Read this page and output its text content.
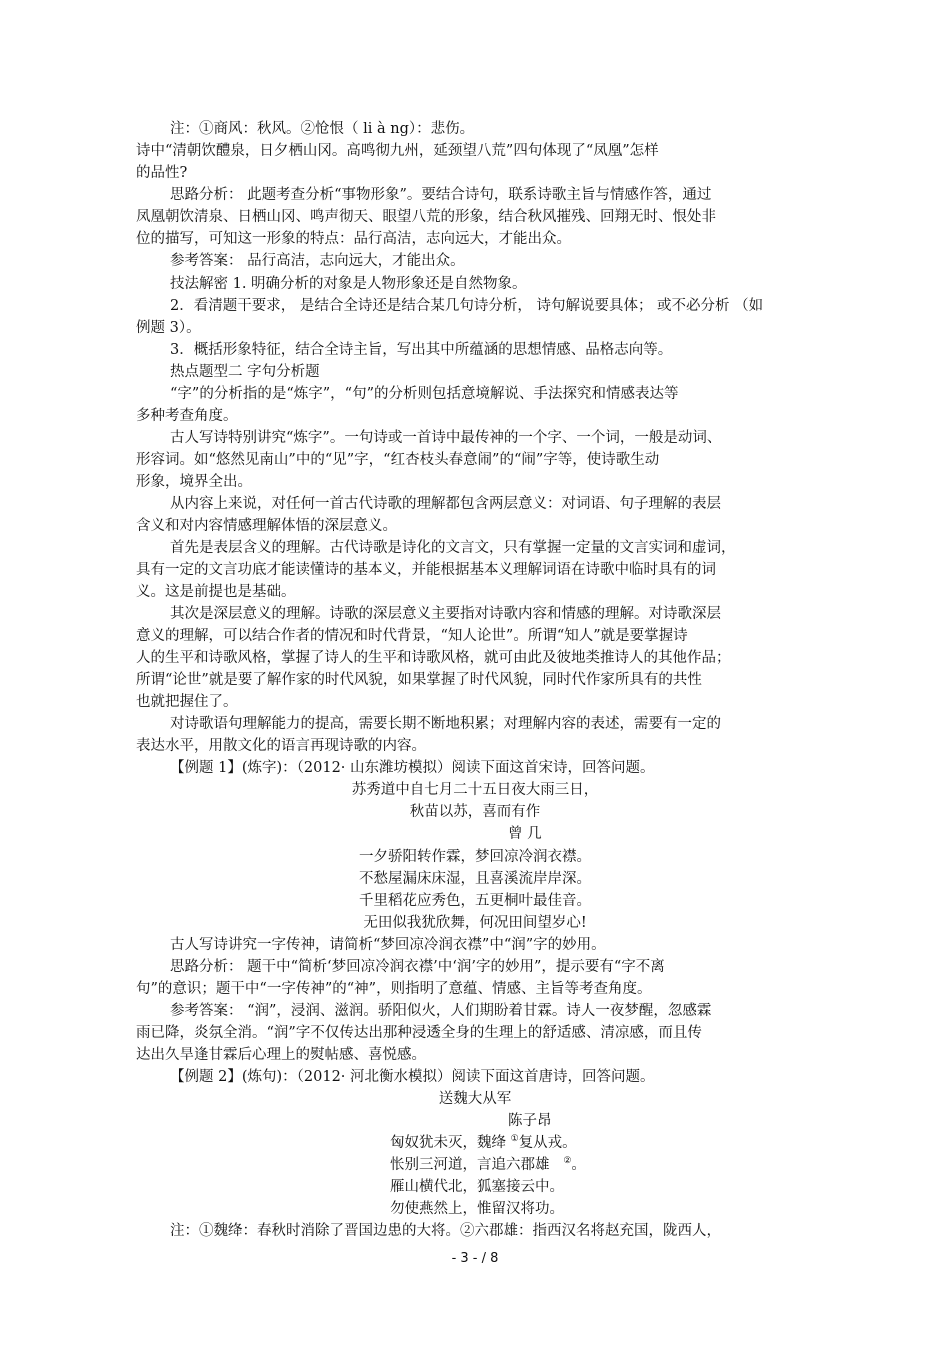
注：①商风：秋风。②怆恨（ li à ng）：悲伤。
诗中“清朝饮醴泉，日夕栖山冈。高鸣彻九州，延颈望八荒”四句体现了“凤凰”怎样
的品性?
思路分析： 此题考查分析“事物形象”。要结合诗句，联系诗歌主旨与情感作答，通过
凤凰朝饮清泉、日栖山冈、鸣声彻天、眼望八荒的形象，结合秋风摧残、回翔无时、恨处非
位的描写，可知这一形象的特点：品行高洁，志向远大，才能出众。
参考答案： 品行高洁，志向远大，才能出众。
技法解密 1. 明确分析的对象是人物形象还是自然物象。
2．看清题干要求， 是结合全诗还是结合某几句诗分析， 诗句解说要具体； 或不必分析 （如
例题 3）。
3．概括形象特征，结合全诗主旨，写出其中所蕴涵的思想情感、品格志向等。
热点题型二 字句分析题
“字”的分析指的是“炼字”，“句”的分析则包括意境解说、手法探究和情感表达等
多种考查角度。
古人写诗特别讲究“炼字”。一句诗或一首诗中最传神的一个字、一个词，一般是动词、
形容词。如“悠然见南山”中的“见”字，“红杏枝头春意闹”的“闹”字等，使诗歌生动
形象，境界全出。
从内容上来说，对任何一首古代诗歌的理解都包含两层意义：对词语、句子理解的表层
含义和对内容情感理解体悟的深层意义。
首先是表层含义的理解。古代诗歌是诗化的文言文，只有掌握一定量的文言实词和虚词，
具有一定的文言功底才能读懂诗的基本义，并能根据基本义理解词语在诗歌中临时具有的词
义。这是前提也是基础。
其次是深层意义的理解。诗歌的深层意义主要指对诗歌内容和情感的理解。对诗歌深层
意义的理解，可以结合作者的情况和时代背景，“知人论世”。所谓“知人”就是要掌握诗
人的生平和诗歌风格，掌握了诗人的生平和诗歌风格，就可由此及彼地类推诗人的其他作品；
所谓“论世”就是要了解作家的时代风貌，如果掌握了时代风貌，同时代作家所具有的共性
也就把握住了。
对诗歌语句理解能力的提高，需要长期不断地积累；对理解内容的表述，需要有一定的
表达水平，用散文化的语言再现诗歌的内容。
【例题 1】(炼字)：（2012· 山东潍坊模拟）阅读下面这首宋诗，回答问题。
苏秀道中自七月二十五日夜大雨三日，
秋苗以苏，喜而有作
曾 几
一夕骄阳转作霖，梦回凉冷润衣襟。
不愁屋漏床床湿，且喜溪流岸岸深。
千里稻花应秀色，五更桐叶最佳音。
无田似我犹欣舞，何况田间望岁心!
古人写诗讲究一字传神，请简析“梦回凉冷润衣襟”中“润”字的妙用。
思路分析： 题干中“简析‘梦回凉冷润衣襟’中‘润’字的妙用”，提示要有“字不离
句”的意识；题干中“一字传神”的“神”，则指明了意蕴、情感、主旨等考查角度。
参考答案： “润”，浸润、滋润。骄阳似火，人们期盼着甘霖。诗人一夜梦醒，忽感霖
雨已降，炎氛全消。“润”字不仅传达出那种浸透全身的生理上的舒适感、清凉感，而且传
达出久旱逢甘霖后心理上的熨帖感、喜悦感。
【例题 2】(炼句)：（2012· 河北衡水模拟）阅读下面这首唐诗，回答问题。
送魏大从军
陈子昂
匈奴犹未灭，魏绛 ①复从戎。
怅别三河道，言追六郡雄 ②。
雁山横代北，狐塞接云中。
勿使燕然上，惟留汉将功。
注：①魏绛：春秋时消除了晋国边患的大将。②六郡雄：指西汉名将赵充国，陇西人，
- 3 - / 8
